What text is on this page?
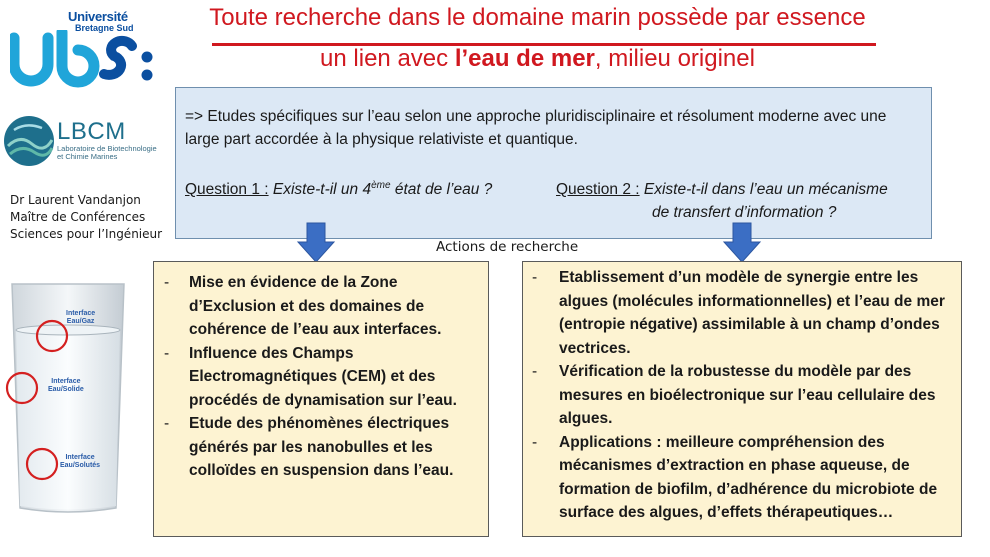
Université
Bretagne Sud
LBCM
Laboratoire de Biotechnologie
et Chimie Marines
Dr Laurent Vandanjon
Maître de Conférences
Sciences pour l’Ingénieur
Interface
Eau/Gaz
Interface
Eau/Solide
Interface
Eau/Solutés
Toute recherche dans le domaine marin possède par essence
un lien avec l’eau de mer, milieu originel
=> Etudes spécifiques sur l’eau selon une approche pluridisciplinaire et résolument moderne avec une large part accordée à la physique relativiste et quantique.
Question 1 : Existe-t-il un 4ème état de l’eau ?	Question 2 : Existe-t-il dans l’eau un mécanisme
de transfert d’information ?
Actions de recherche
- Mise en évidence de la Zone d’Exclusion et des domaines de cohérence de l’eau aux interfaces.
- Influence des Champs Electromagnétiques (CEM) et des procédés de dynamisation sur l’eau.
- Etude des phénomènes électriques générés par les nanobulles et les colloïdes en suspension dans l’eau.
- Etablissement d’un modèle de synergie entre les algues (molécules informationnelles) et l’eau de mer (entropie négative) assimilable à un champ d’ondes vectrices.
- Vérification de la robustesse du modèle par des mesures en bioélectronique sur l’eau cellulaire des algues.
- Applications : meilleure compréhension des mécanismes d’extraction en phase aqueuse, de formation de biofilm, d’adhérence du microbiote de surface des algues, d’effets thérapeutiques…
